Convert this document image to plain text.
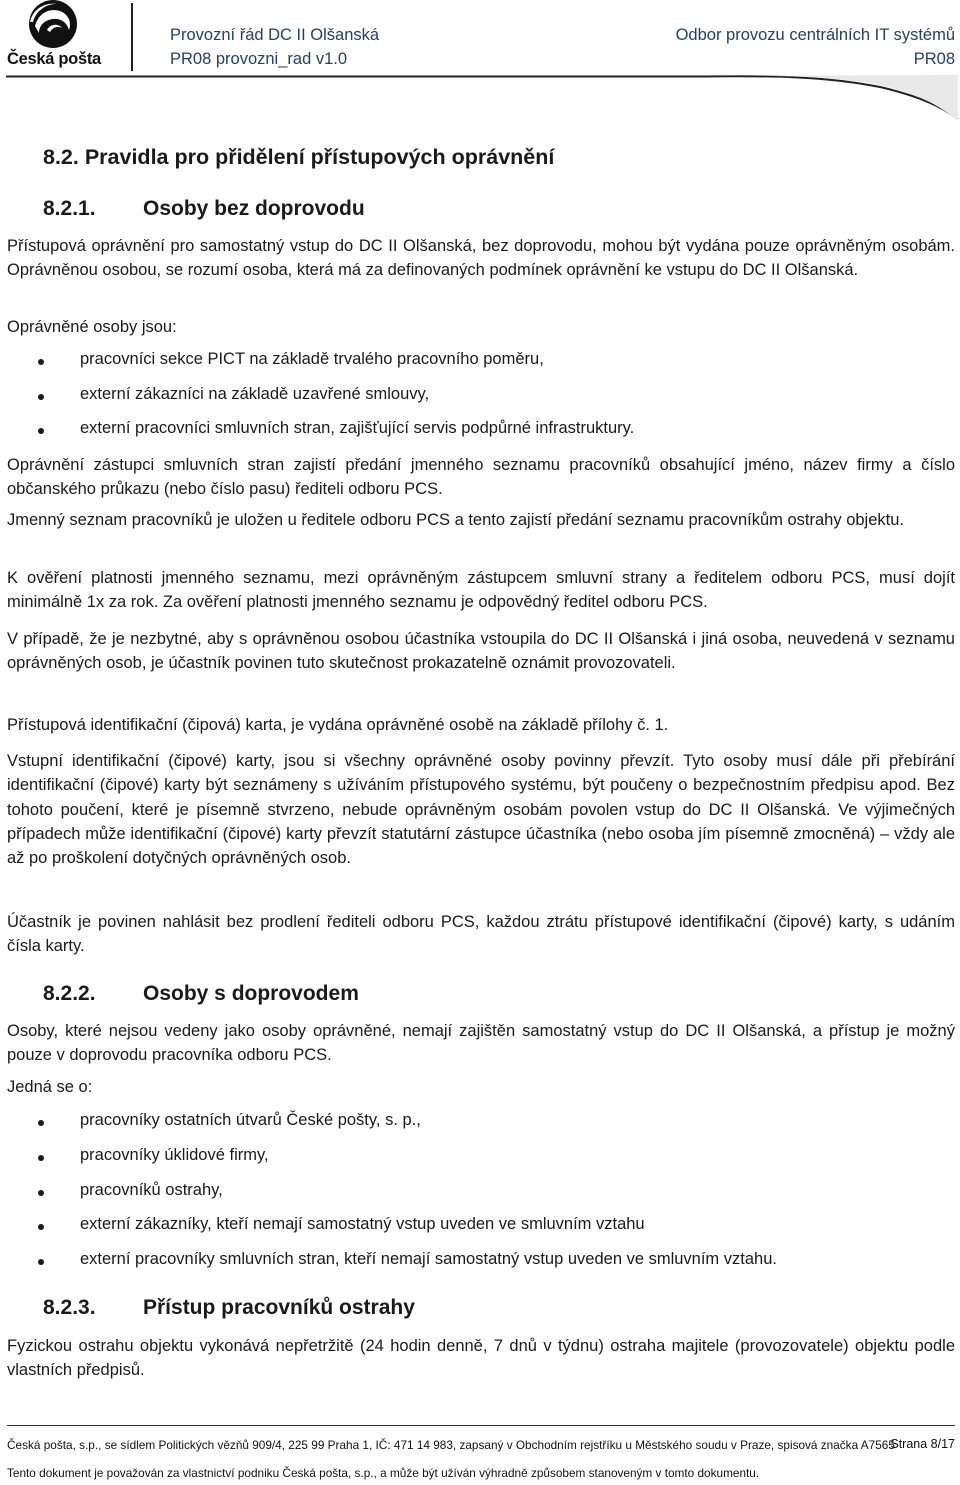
Česká pošta
Provozní řád DC II Olšanská
PR08 provozni_rad v1.0
Odbor provozu centrálních IT systémů
PR08
8.2. Pravidla pro přidělení přístupových oprávnění
8.2.1. Osoby bez doprovodu

Přístupová oprávnění pro samostatný vstup do DC II Olšanská, bez doprovodu, mohou být vydána pouze oprávněným osobám. Oprávněnou osobou, se rozumí osoba, která má za definovaných podmínek oprávnění ke vstupu do DC II Olšanská.

Oprávněné osoby jsou:

pracovníci sekce PICT na základě trvalého pracovního poměru,
externí zákazníci na základě uzavřené smlouvy,
externí pracovníci smluvních stran, zajišťující servis podpůrné infrastruktury.

Oprávnění zástupci smluvních stran zajistí předání jmenného seznamu pracovníků obsahující jméno, název firmy a číslo občanského průkazu (nebo číslo pasu) řediteli odboru PCS.

Jmenný seznam pracovníků je uložen u ředitele odboru PCS a tento zajistí předání seznamu pracovníkům ostrahy objektu.

K ověření platnosti jmenného seznamu, mezi oprávněným zástupcem smluvní strany a ředitelem odboru PCS, musí dojít minimálně 1x za rok. Za ověření platnosti jmenného seznamu je odpovědný ředitel odboru PCS.

V případě, že je nezbytné, aby s oprávněnou osobou účastníka vstoupila do DC II Olšanská i jiná osoba, neuvedená v seznamu oprávněných osob, je účastník povinen tuto skutečnost prokazatelně oznámit provozovateli.

Přístupová identifikační (čipová) karta, je vydána oprávněné osobě na základě přílohy č. 1.

Vstupní identifikační (čipové) karty, jsou si všechny oprávněné osoby povinny převzít. Tyto osoby musí dále při přebírání identifikační (čipové) karty být seznámeny s užíváním přístupového systému, být poučeny o bezpečnostním předpisu apod. Bez tohoto poučení, které je písemně stvrzeno, nebude oprávněným osobám povolen vstup do DC II Olšanská. Ve výjimečných případech může identifikační (čipové) karty převzít statutární zástupce účastníka (nebo osoba jím písemně zmocněná) – vždy ale až po proškolení dotyčných oprávněných osob.

Účastník je povinen nahlásit bez prodlení řediteli odboru PCS, každou ztrátu přístupové identifikační (čipové) karty, s udáním čísla karty.

8.2.2. Osoby s doprovodem

Osoby, které nejsou vedeny jako osoby oprávněné, nemají zajištěn samostatný vstup do DC II Olšanská, a přístup je možný pouze v doprovodu pracovníka odboru PCS.

Jedná se o:

pracovníky ostatních útvarů České pošty, s. p.,
pracovníky úklidové firmy,
pracovníků ostrahy,
externí zákazníky, kteří nemají samostatný vstup uveden ve smluvním vztahu
externí pracovníky smluvních stran, kteří nemají samostatný vstup uveden ve smluvním vztahu.
8.2.3. Přístup pracovníků ostrahy

Fyzickou ostrahu objektu vykonává nepřetržitě (24 hodin denně, 7 dnů v týdnu) ostraha majitele (provozovatele) objektu podle vlastních předpisů.

Česká pošta, s.p., se sídlem Politických vězňů 909/4, 225 99 Praha 1, IČ: 471 14 983, zapsaný v Obchodním rejstříku u Městského soudu v Praze, spisová značka A7565
Strana 8/17
Tento dokument je považován za vlastnictví podniku Česká pošta, s.p., a může být užíván výhradně způsobem stanoveným v tomto dokumentu.
